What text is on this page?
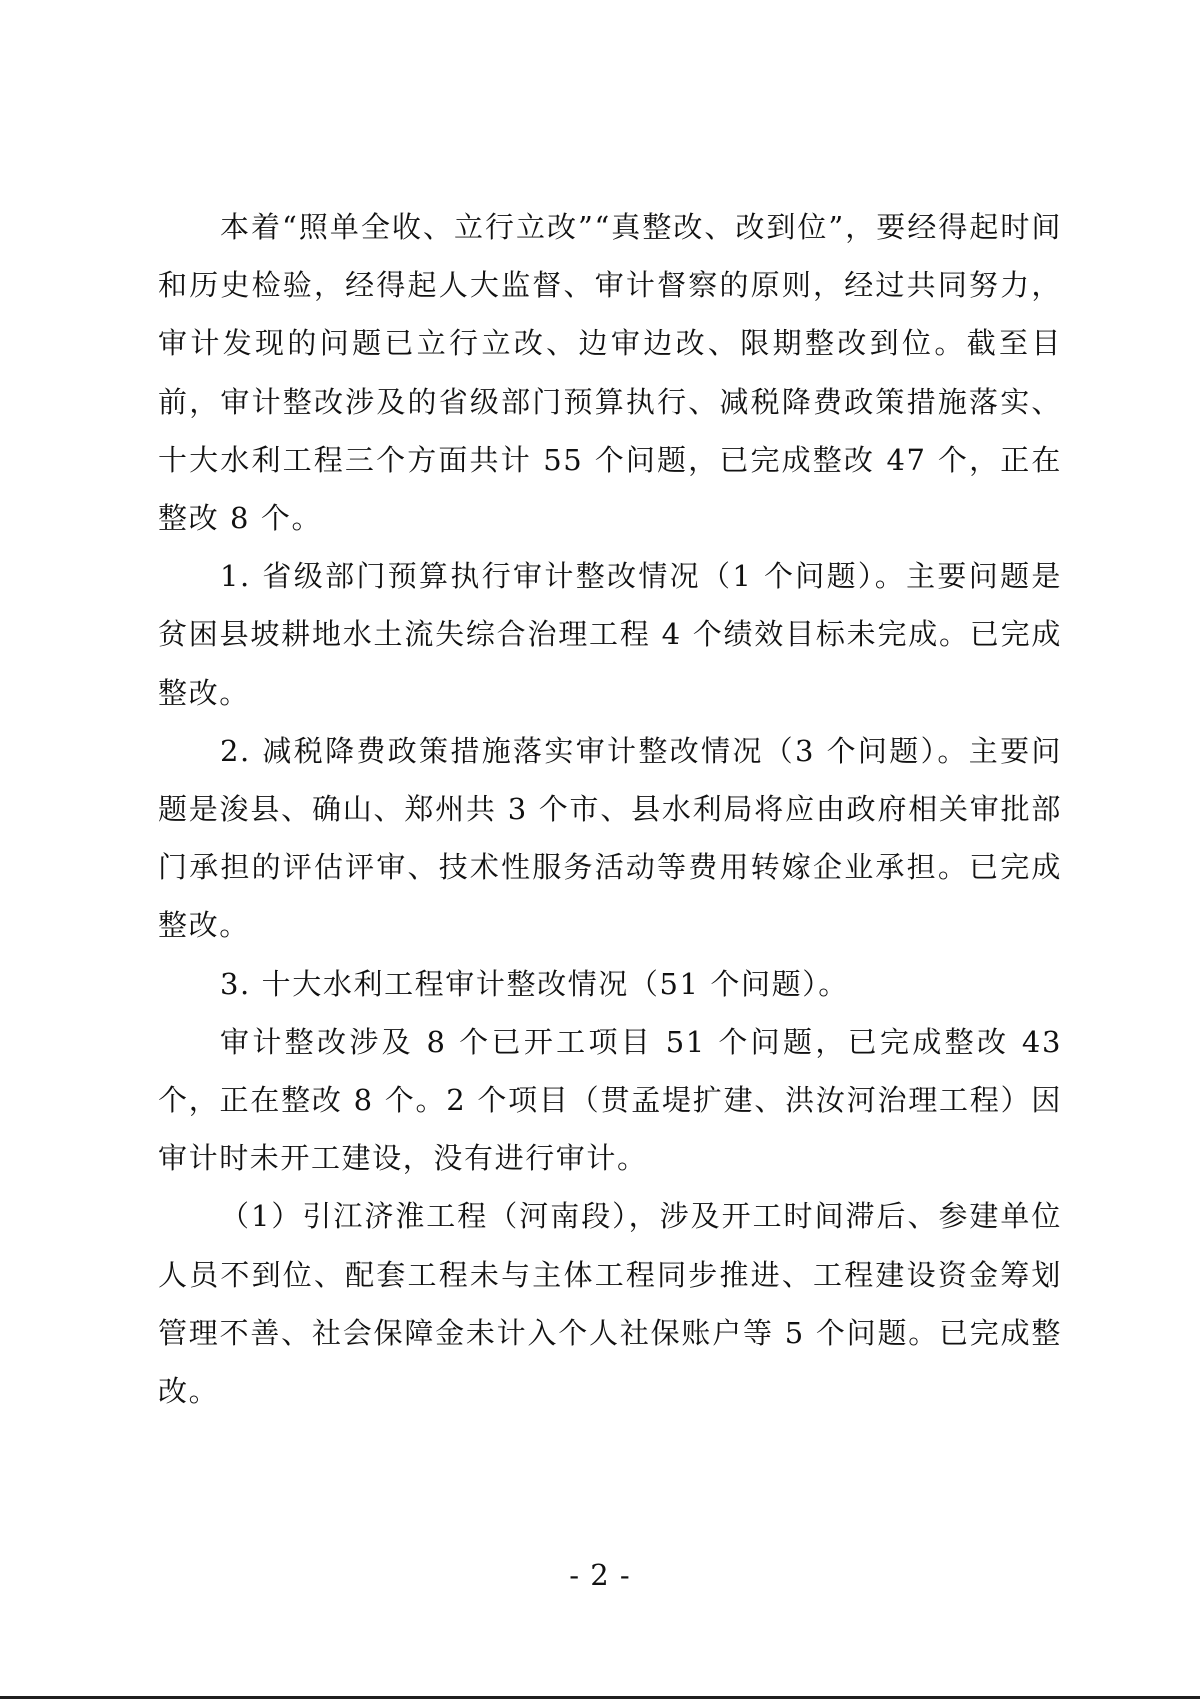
本着“照单全收、立行立改”“真整改、改到位”，要经得起时间和历史检验，经得起人大监督、审计督察的原则，经过共同努力，审计发现的问题已立行立改、边审边改、限期整改到位。截至目前，审计整改涉及的省级部门预算执行、减税降费政策措施落实、十大水利工程三个方面共计 55 个问题，已完成整改 47 个，正在整改 8 个。

1. 省级部门预算执行审计整改情况（1 个问题）。主要问题是贫困县坡耕地水土流失综合治理工程 4 个绩效目标未完成。已完成整改。

2. 减税降费政策措施落实审计整改情况（3 个问题）。主要问题是浚县、确山、郑州共 3 个市、县水利局将应由政府相关审批部门承担的评估评审、技术性服务活动等费用转嫁企业承担。已完成整改。

3. 十大水利工程审计整改情况（51 个问题）。

审计整改涉及 8 个已开工项目 51 个问题，已完成整改 43 个，正在整改 8 个。2 个项目（贯孟堤扩建、洪汝河治理工程）因审计时未开工建设，没有进行审计。

（1）引江济淮工程（河南段），涉及开工时间滞后、参建单位人员不到位、配套工程未与主体工程同步推进、工程建设资金筹划管理不善、社会保障金未计入个人社保账户等 5 个问题。已完成整改。

- 2 -
